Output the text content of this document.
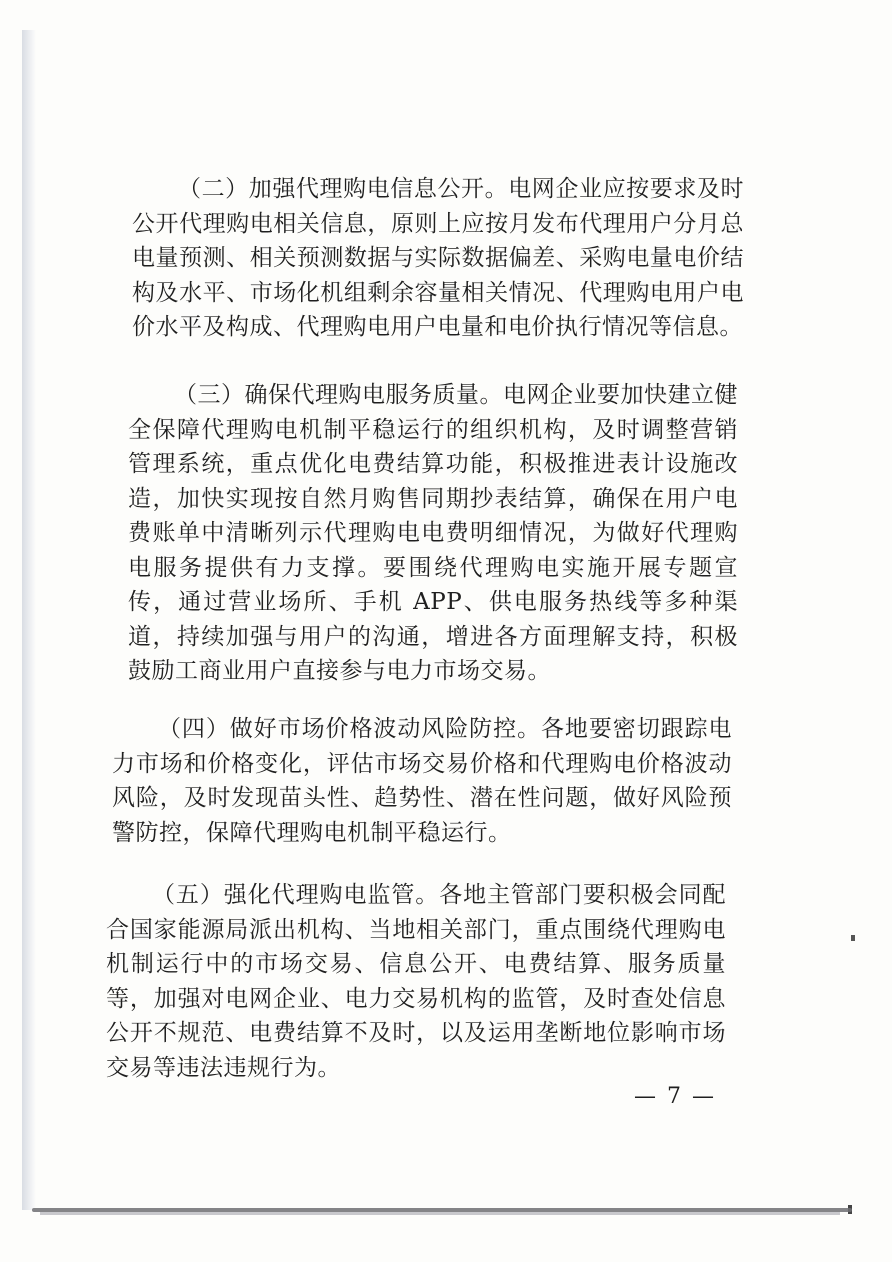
（二）加强代理购电信息公开。电网企业应按要求及时公开代理购电相关信息，原则上应按月发布代理用户分月总电量预测、相关预测数据与实际数据偏差、采购电量电价结构及水平、市场化机组剩余容量相关情况、代理购电用户电价水平及构成、代理购电用户电量和电价执行情况等信息。

（三）确保代理购电服务质量。电网企业要加快建立健全保障代理购电机制平稳运行的组织机构，及时调整营销管理系统，重点优化电费结算功能，积极推进表计设施改造，加快实现按自然月购售同期抄表结算，确保在用户电费账单中清晰列示代理购电电费明细情况，为做好代理购电服务提供有力支撑。要围绕代理购电实施开展专题宣传，通过营业场所、手机 APP、供电服务热线等多种渠道，持续加强与用户的沟通，增进各方面理解支持，积极鼓励工商业用户直接参与电力市场交易。

（四）做好市场价格波动风险防控。各地要密切跟踪电力市场和价格变化，评估市场交易价格和代理购电价格波动风险，及时发现苗头性、趋势性、潜在性问题，做好风险预警防控，保障代理购电机制平稳运行。

（五）强化代理购电监管。各地主管部门要积极会同配合国家能源局派出机构、当地相关部门，重点围绕代理购电机制运行中的市场交易、信息公开、电费结算、服务质量等，加强对电网企业、电力交易机构的监管，及时查处信息公开不规范、电费结算不及时，以及运用垄断地位影响市场交易等违法违规行为。

— 7 —
